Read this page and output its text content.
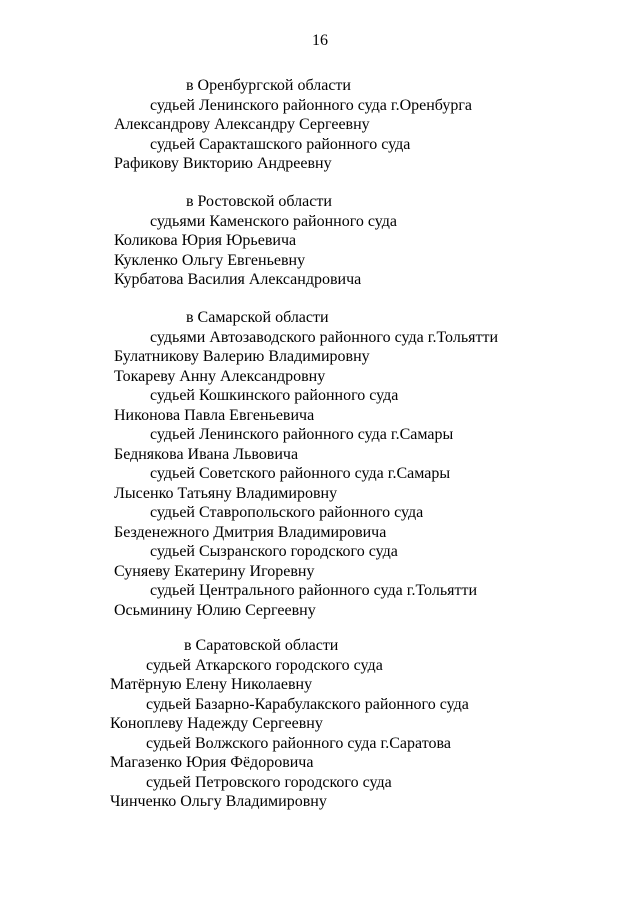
16
в Оренбургской области
судьей Ленинского районного суда г.Оренбурга
Александрову Александру Сергеевну
судьей Саракташского районного суда
Рафикову Викторию Андреевну
в Ростовской области
судьями Каменского районного суда
Коликова Юрия Юрьевича
Кукленко Ольгу Евгеньевну
Курбатова Василия Александровича
в Самарской области
судьями Автозаводского районного суда г.Тольятти
Булатникову Валерию Владимировну
Токареву Анну Александровну
судьей Кошкинского районного суда
Никонова Павла Евгеньевича
судьей Ленинского районного суда г.Самары
Беднякова Ивана Львовича
судьей Советского районного суда г.Самары
Лысенко Татьяну Владимировну
судьей Ставропольского районного суда
Безденежного Дмитрия Владимировича
судьей Сызранского городского суда
Суняеву Екатерину Игоревну
судьей Центрального районного суда г.Тольятти
Осьминину Юлию Сергеевну
в Саратовской области
судьей Аткарского городского суда
Матёрную Елену Николаевну
судьей Базарно-Карабулакского районного суда
Коноплеву Надежду Сергеевну
судьей Волжского районного суда г.Саратова
Магазенко Юрия Фёдоровича
судьей Петровского городского суда
Чинченко Ольгу Владимировну
